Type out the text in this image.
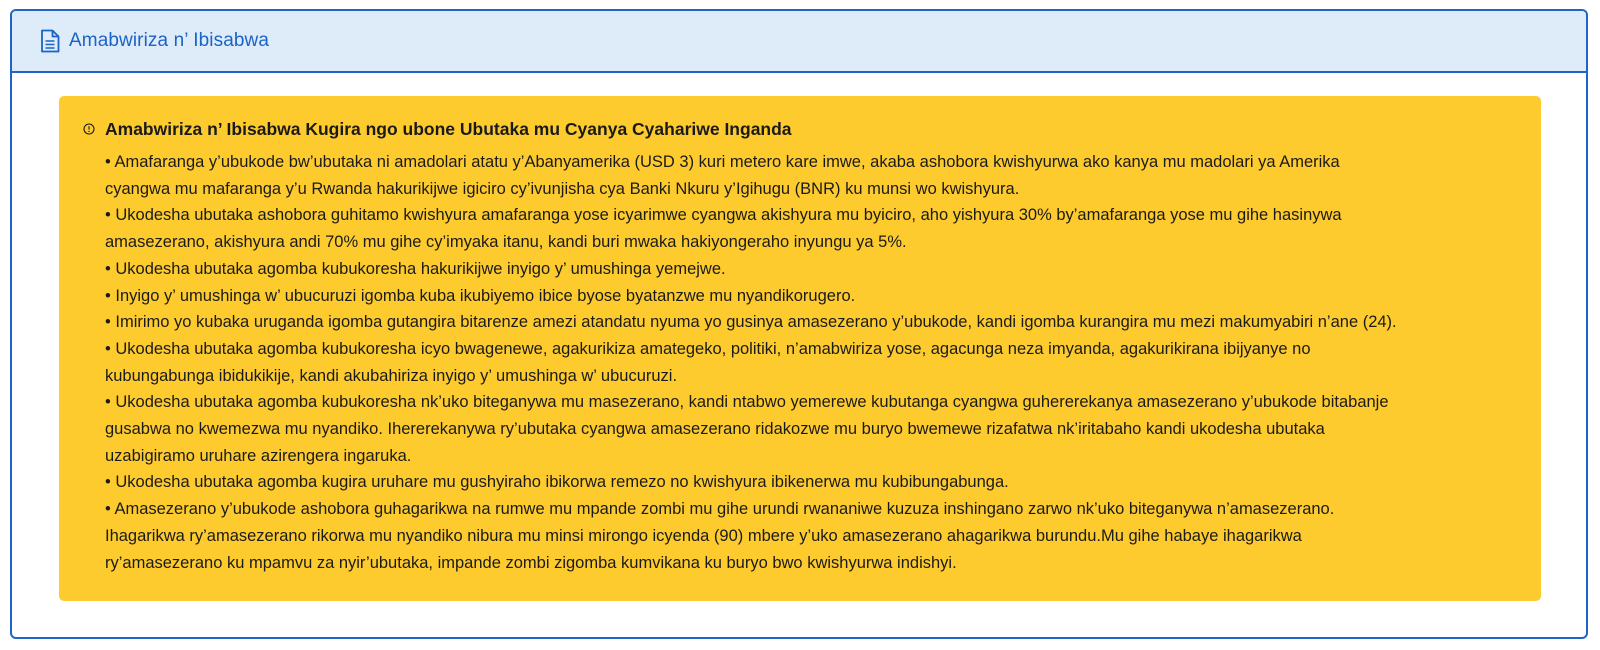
Amabwiriza n’ Ibisabwa
Amabwiriza n’ Ibisabwa Kugira ngo ubone Ubutaka mu Cyanya Cyahariwe Inganda
• Amafaranga y’ubukode bw’ubutaka ni amadolari atatu y’Abanyamerika (USD 3) kuri metero kare imwe, akaba ashobora kwishyurwa ako kanya mu madolari ya Amerika
cyangwa mu mafaranga y’u Rwanda hakurikijwe igiciro cy’ivunjisha cya Banki Nkuru y’Igihugu (BNR) ku munsi wo kwishyura.
• Ukodesha ubutaka ashobora guhitamo kwishyura amafaranga yose icyarimwe cyangwa akishyura mu byiciro, aho yishyura 30% by’amafaranga yose mu gihe hasinywa
amasezerano, akishyura andi 70% mu gihe cy’imyaka itanu, kandi buri mwaka hakiyongeraho inyungu ya 5%.
• Ukodesha ubutaka agomba kubukoresha hakurikijwe inyigo y’ umushinga yemejwe.
• Inyigo y’ umushinga w’ ubucuruzi igomba kuba ikubiyemo ibice byose byatanzwe mu nyandikorugero.
• Imirimo yo kubaka uruganda igomba gutangira bitarenze amezi atandatu nyuma yo gusinya amasezerano y’ubukode, kandi igomba kurangira mu mezi makumyabiri n’ane (24).
• Ukodesha ubutaka agomba kubukoresha icyo bwagenewe, agakurikiza amategeko, politiki, n’amabwiriza yose, agacunga neza imyanda, agakurikirana ibijyanye no
kubungabunga ibidukikije, kandi akubahiriza inyigo y’ umushinga w’ ubucuruzi.
• Ukodesha ubutaka agomba kubukoresha nk’uko biteganywa mu masezerano, kandi ntabwo yemerewe kubutanga cyangwa guhererekanya amasezerano y’ubukode bitabanje
gusabwa no kwemezwa mu nyandiko. Ihererekanywa ry’ubutaka cyangwa amasezerano ridakozwe mu buryo bwemewe rizafatwa nk’iritabaho kandi ukodesha ubutaka
uzabigiramo uruhare azirengera ingaruka.
• Ukodesha ubutaka agomba kugira uruhare mu gushyiraho ibikorwa remezo no kwishyura ibikenerwa mu kubibungabunga.
• Amasezerano y’ubukode ashobora guhagarikwa na rumwe mu mpande zombi mu gihe urundi rwananiwe kuzuza inshingano zarwo nk’uko biteganywa n’amasezerano.
Ihagarikwa ry’amasezerano rikorwa mu nyandiko nibura mu minsi mirongo icyenda (90) mbere y’uko amasezerano ahagarikwa burundu.Mu gihe habaye ihagarikwa
ry’amasezerano ku mpamvu za nyir’ubutaka, impande zombi zigomba kumvikana ku buryo bwo kwishyurwa indishyi.
